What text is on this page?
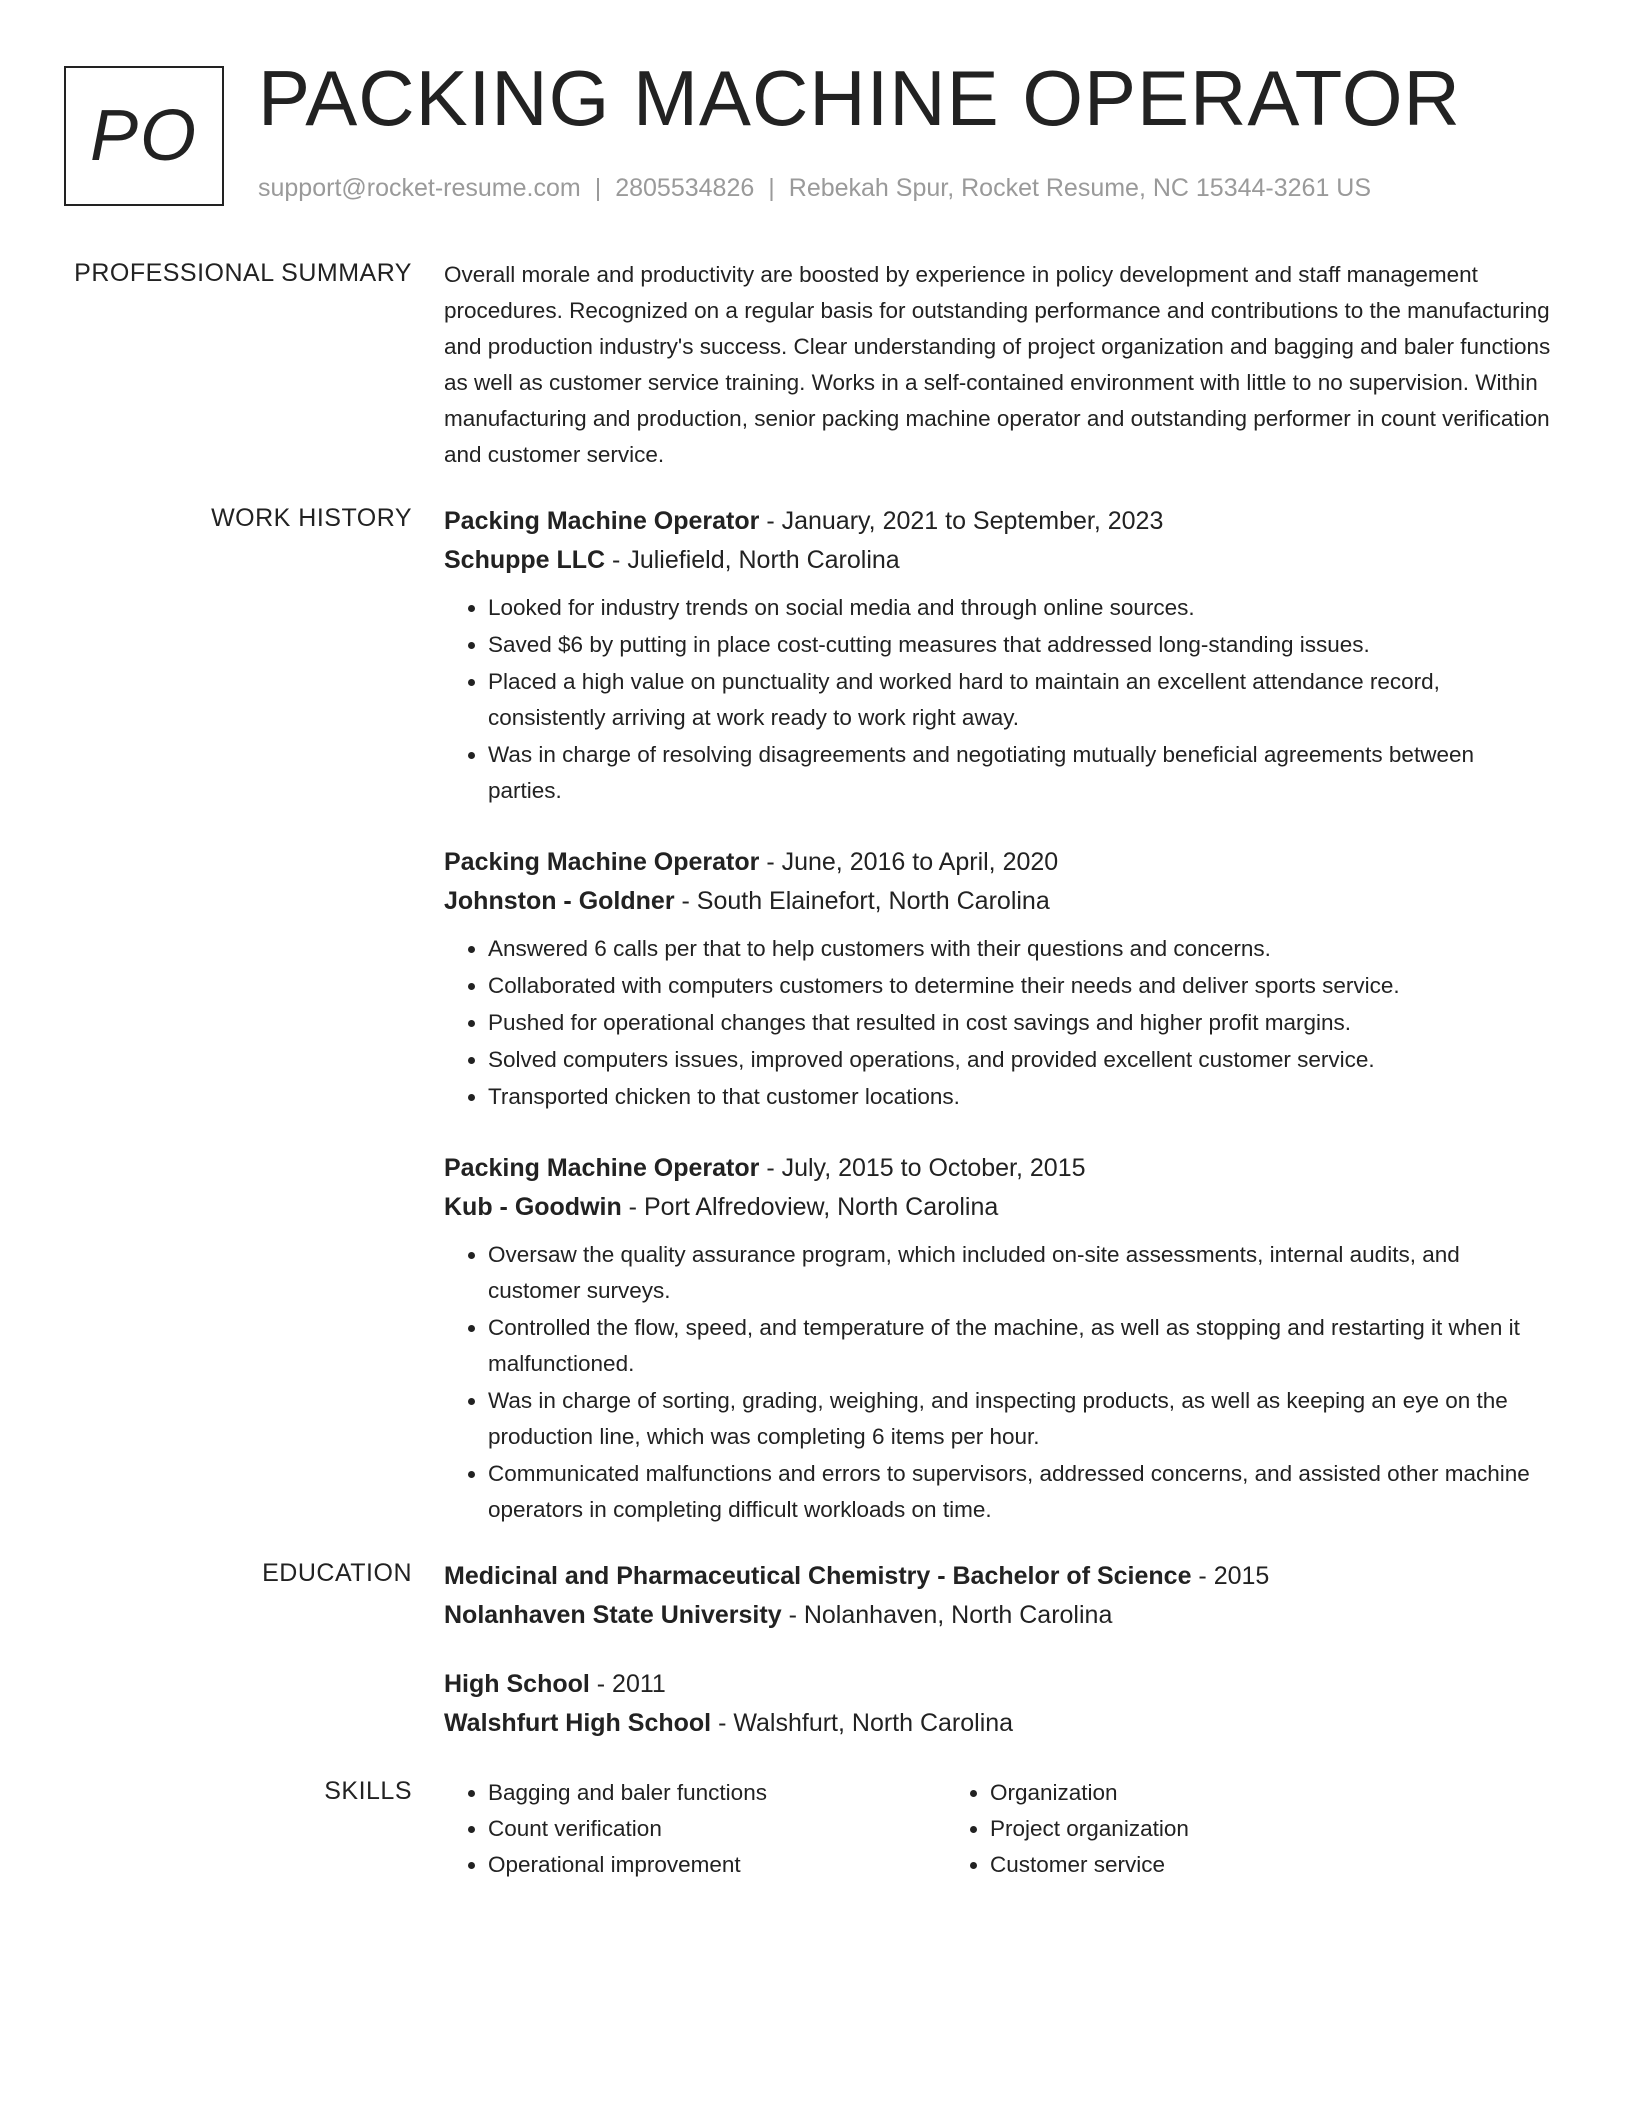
PO PACKING MACHINE OPERATOR
support@rocket-resume.com | 2805534826 | Rebekah Spur, Rocket Resume, NC 15344-3261 US
PROFESSIONAL SUMMARY Overall morale and productivity are boosted by experience in policy development and staff management procedures. Recognized on a regular basis for outstanding performance and contributions to the manufacturing and production industry's success. Clear understanding of project organization and bagging and baler functions as well as customer service training. Works in a self-contained environment with little to no supervision. Within manufacturing and production, senior packing machine operator and outstanding performer in count verification and customer service.

WORK HISTORY Packing Machine Operator - January, 2021 to September, 2023
Schuppe LLC - Juliefield, North Carolina
• Looked for industry trends on social media and through online sources.
• Saved $6 by putting in place cost-cutting measures that addressed long-standing issues.
• Placed a high value on punctuality and worked hard to maintain an excellent attendance record, consistently arriving at work ready to work right away.
• Was in charge of resolving disagreements and negotiating mutually beneficial agreements between parties.
Packing Machine Operator - June, 2016 to April, 2020
Johnston - Goldner - South Elainefort, North Carolina
• Answered 6 calls per that to help customers with their questions and concerns.
• Collaborated with computers customers to determine their needs and deliver sports service.
• Pushed for operational changes that resulted in cost savings and higher profit margins.
• Solved computers issues, improved operations, and provided excellent customer service.
• Transported chicken to that customer locations.
Packing Machine Operator - July, 2015 to October, 2015
Kub - Goodwin - Port Alfredoview, North Carolina
• Oversaw the quality assurance program, which included on-site assessments, internal audits, and customer surveys.
• Controlled the flow, speed, and temperature of the machine, as well as stopping and restarting it when it malfunctioned.
• Was in charge of sorting, grading, weighing, and inspecting products, as well as keeping an eye on the production line, which was completing 6 items per hour.
• Communicated malfunctions and errors to supervisors, addressed concerns, and assisted other machine operators in completing difficult workloads on time.
EDUCATION Medicinal and Pharmaceutical Chemistry - Bachelor of Science - 2015
Nolanhaven State University - Nolanhaven, North Carolina
High School - 2011
Walshfurt High School - Walshfurt, North Carolina
SKILLS
•	Bagging and baler functions
• Count verification
• Operational improvement
• Organization
• Project organization
• Customer service
